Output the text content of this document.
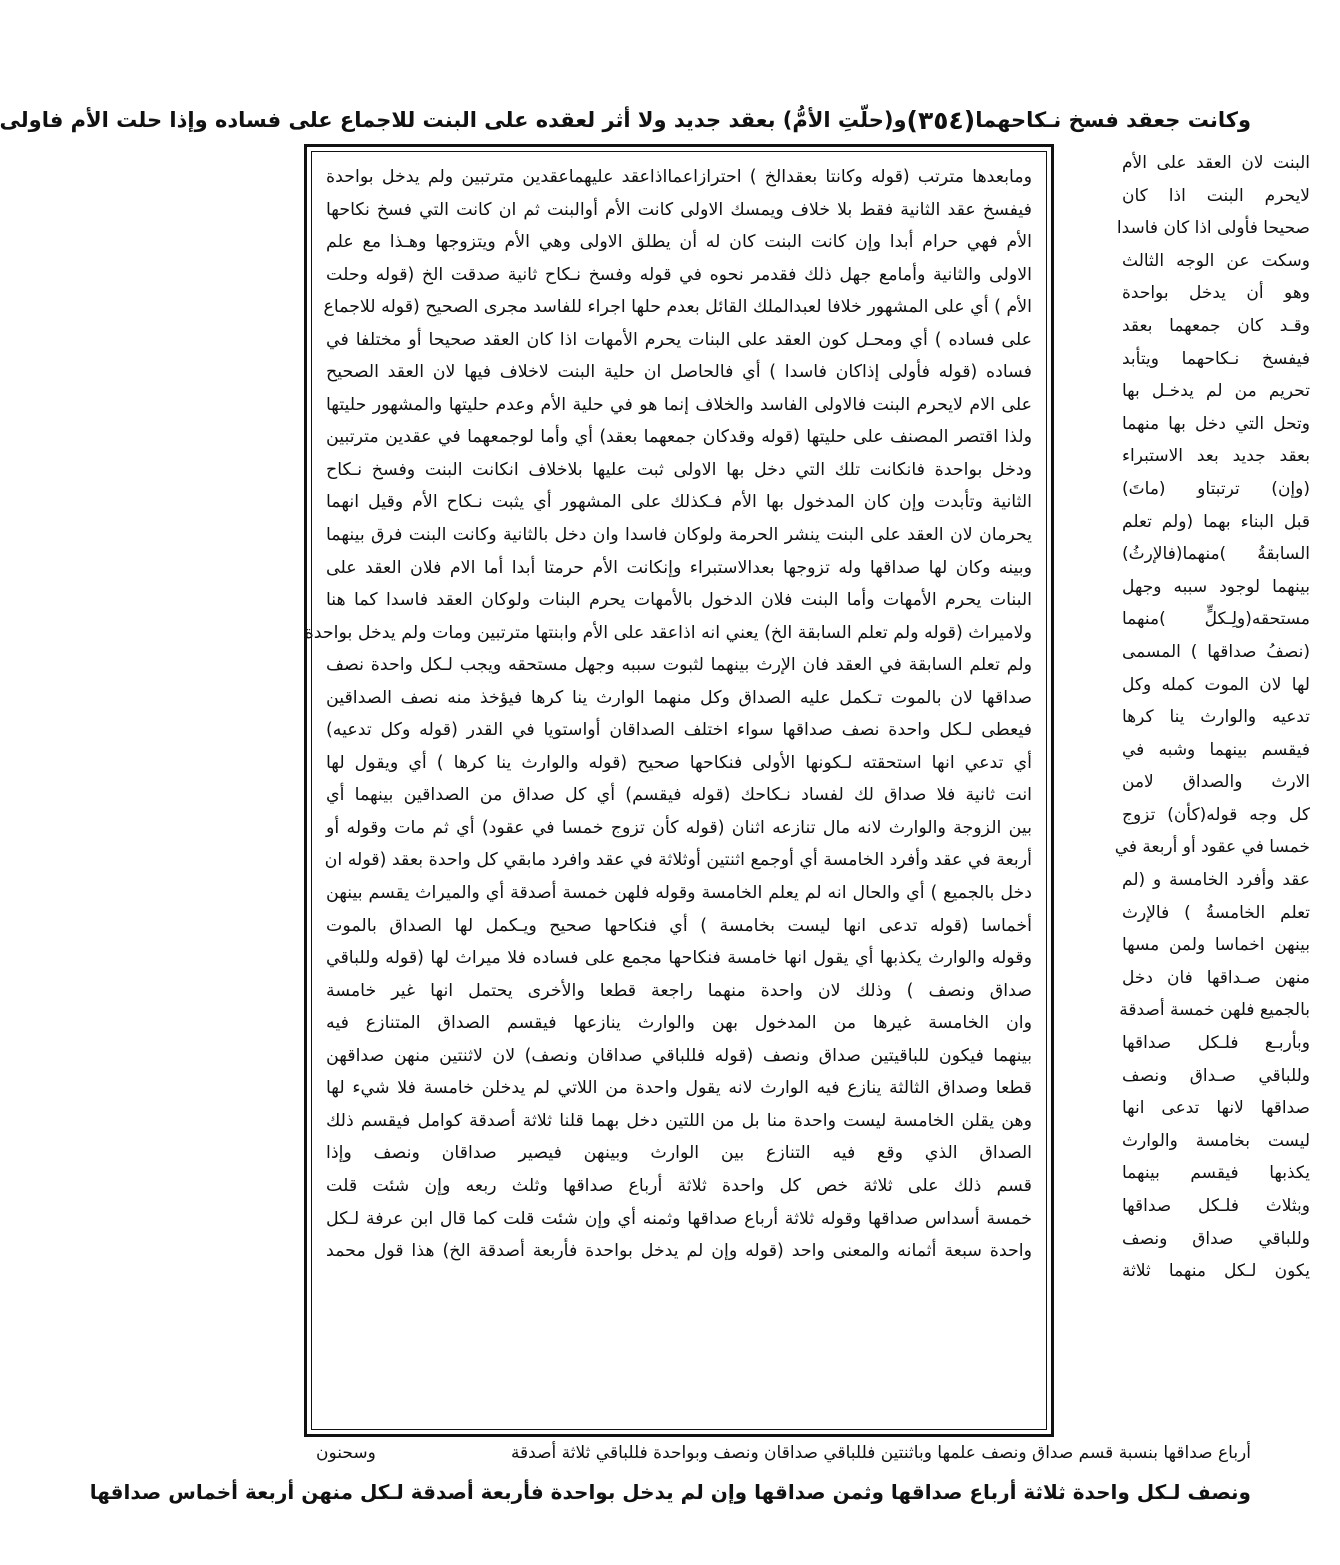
وكانت جعقد فسخ نـكاحهما
(٣٥٤)
و(حلّتِ الأمُّ) بعقد جديد ولا أثر لعقده على البنت للاجماع على فساده وإذا حلت الأم فاولى
البنت لان العقد على الأم
لايحرم البنت اذا كان
صحيحا فأولى اذا كان فاسدا
وسكت عن الوجه الثالث
وهو أن يدخل بواحدة
وقـد كان جمعهما بعقد
فيفسخ نـكاحهما ويتأبد
تحريم من لم يدخـل بها
وتحل التي دخل بها منهما
بعقد جديد بعد الاستبراء
(وإن) ترتبتاو (ماتَ)
قبل البناء بهما (ولم تعلم
السابقةُ )منهما(فالإرثُ)
بينهما لوجود سببه وجهل
مستحقه(ولِـكلٍّ )منهما
(نصفُ صداقها ) المسمى
لها لان الموت كمله وكل
تدعيه والوارث ينا كرها
فيقسم بينهما وشبه في
الارث والصداق لامن
كل وجه قوله(كأن) تزوج
خمسا في عقود أو أربعة في
عقد وأفرد الخامسة و (لم
تعلم الخامسةُ ) فالإرث
بينهن اخماسا ولمن مسها
منهن صـداقها فان دخل
بالجميع فلهن خمسة أصدقة
وبأربـع فلـكل صداقها
وللباقي صـداق ونصف
صداقها لانها تدعى انها
ليست بخامسة والوارث
يكذبها فيقسم بينهما
وبثلاث فلـكل صداقها
وللباقي صداق ونصف
يكون لـكل منهما ثلاثة
ومابعدها مترتب (قوله وكانتا بعقدالخ ) احترازاعمااذاعقد عليهماعقدين مترتبين ولم يدخل بواحدة
فيفسخ عقد الثانية فقط بلا خلاف ويمسك الاولى كانت الأم أوالبنت ثم ان كانت التي فسخ نكاحها
الأم فهي حرام أبدا وإن كانت البنت كان له أن يطلق الاولى وهي الأم ويتزوجها وهـذا مع علم
الاولى والثانية وأمامع جهل ذلك فقدمر نحوه في قوله وفسخ نـكاح ثانية صدقت الخ (قوله وحلت
الأم ) أي على المشهور خلافا لعبدالملك القائل بعدم حلها اجراء للفاسد مجرى الصحيح (قوله للاجماع
على فساده ) أي ومحـل كون العقد على البنات يحرم الأمهات اذا كان العقد صحيحا أو مختلفا في
فساده (قوله فأولى إذاكان فاسدا ) أي فالحاصل ان حلية البنت لاخلاف فيها لان العقد الصحيح
على الام لايحرم البنت فالاولى الفاسد والخلاف إنما هو في حلية الأم وعدم حليتها والمشهور حليتها
ولذا اقتصر المصنف على حليتها (قوله وقدكان جمعهما بعقد) أي وأما لوجمعهما في عقدين مترتبين
ودخل بواحدة فانكانت تلك التي دخل بها الاولى ثبت عليها بلاخلاف انكانت البنت وفسخ نـكاح
الثانية وتأبدت وإن كان المدخول بها الأم فـكذلك على المشهور أي يثبت نـكاح الأم وقيل انهما
يحرمان لان العقد على البنت ينشر الحرمة ولوكان فاسدا وان دخل بالثانية وكانت البنت فرق بينهما
وبينه وكان لها صداقها وله تزوجها بعدالاستبراء وإنكانت الأم حرمتا أبدا أما الام فلان العقد على
البنات يحرم الأمهات وأما البنت فلان الدخول بالأمهات يحرم البنات ولوكان العقد فاسدا كما هنا
ولاميراث (قوله ولم تعلم السابقة الخ) يعني انه اذاعقد على الأم وابنتها مترتبين ومات ولم يدخل بواحدة
ولم تعلم السابقة في العقد فان الإرث بينهما لثبوت سببه وجهل مستحقه ويجب لـكل واحدة نصف
صداقها لان بالموت تـكمل عليه الصداق وكل منهما الوارث ينا كرها فيؤخذ منه نصف الصداقين
فيعطى لـكل واحدة نصف صداقها سواء اختلف الصداقان أواستويا في القدر (قوله وكل تدعيه)
أي تدعي انها استحقته لـكونها الأولى فنكاحها صحيح (قوله والوارث ينا كرها ) أي ويقول لها
انت ثانية فلا صداق لك لفساد نـكاحك (قوله فيقسم) أي كل صداق من الصداقين بينهما أي
بين الزوجة والوارث لانه مال تنازعه اثنان (قوله كأن تزوج خمسا في عقود) أي ثم مات وقوله أو
أربعة في عقد وأفرد الخامسة أي أوجمع اثنتين أوثلاثة في عقد وافرد مابقي كل واحدة بعقد (قوله ان
دخل بالجميع ) أي والحال انه لم يعلم الخامسة وقوله فلهن خمسة أصدقة أي والميراث يقسم بينهن
أخماسا (قوله تدعى انها ليست بخامسة ) أي فنكاحها صحيح ويـكمل لها الصداق بالموت
وقوله والوارث يكذبها أي يقول انها خامسة فنكاحها مجمع على فساده فلا ميراث لها (قوله وللباقي
صداق ونصف ) وذلك لان واحدة منهما راجعة قطعا والأخرى يحتمل انها غير خامسة
وان الخامسة غيرها من المدخول بهن والوارث ينازعها فيقسم الصداق المتنازع فيه
بينهما فيكون للباقيتين صداق ونصف (قوله فللباقي صداقان ونصف) لان لاثنتين منهن صداقهن
قطعا وصداق الثالثة ينازع فيه الوارث لانه يقول واحدة من اللاتي لم يدخلن خامسة فلا شيء لها
وهن يقلن الخامسة ليست واحدة منا بل من اللتين دخل بهما قلنا ثلاثة أصدقة كوامل فيقسم ذلك
الصداق الذي وقع فيه التنازع بين الوارث وبينهن فيصير صداقان ونصف وإذا
قسم ذلك على ثلاثة خص كل واحدة ثلاثة أرباع صداقها وثلث ربعه وإن شئت قلت
خمسة أسداس صداقها وقوله ثلاثة أرباع صداقها وثمنه أي وإن شئت قلت كما قال ابن عرفة لـكل
واحدة سبعة أثمانه والمعنى واحد (قوله وإن لم يدخل بواحدة فأربعة أصدقة الخ) هذا قول محمد
أرباع صداقها بنسبة قسم صداق ونصف علمها وباثنتين فللباقي صداقان ونصف وبواحدة فللباقي ثلاثة أصدقة
وسحنون
ونصف لـكل واحدة ثلاثة أرباع صداقها وثمن صداقها وإن لم يدخل بواحدة فأربعة أصدقة لـكل منهن أربعة أخماس صداقها
